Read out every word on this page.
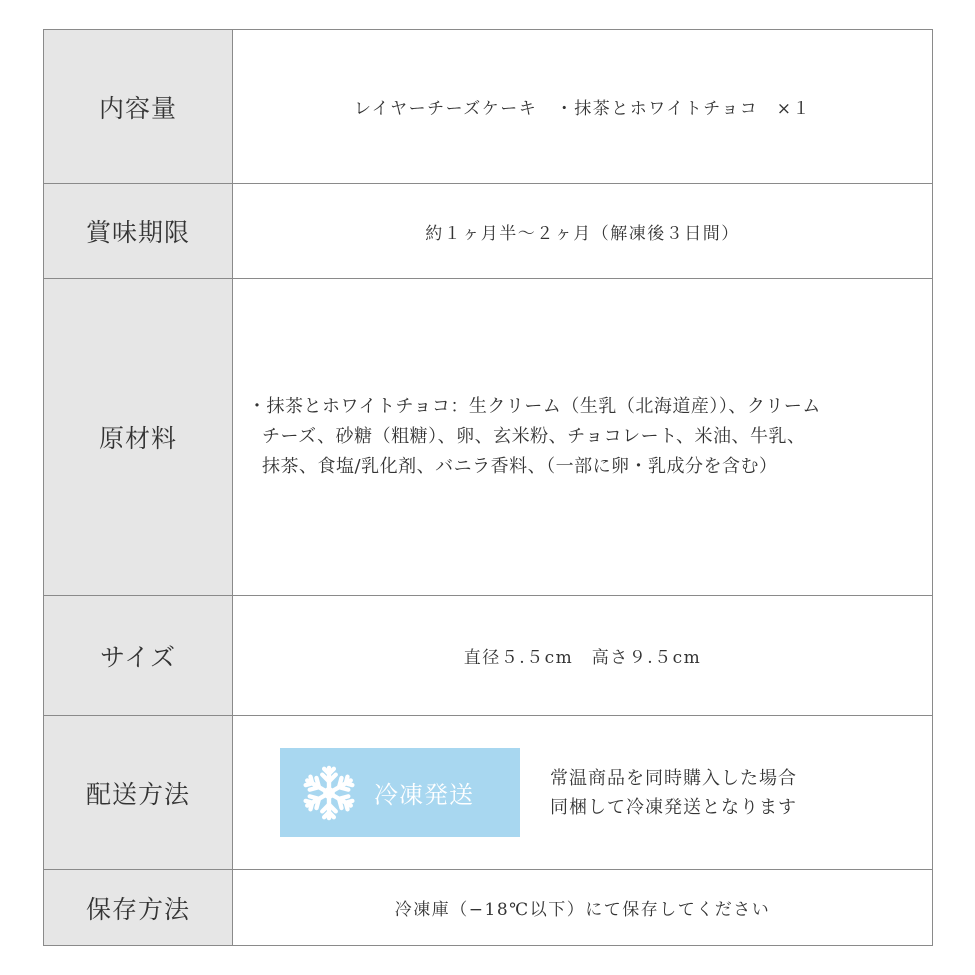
内容量	レイヤーチーズケーキ　・抹茶とホワイトチョコ　×１
賞味期限	約１ヶ月半〜２ヶ月（解凍後３日間）
原材料	・抹茶とホワイトチョコ：生クリーム（生乳（北海道産））、クリーム
チーズ、砂糖（粗糖）、卵、玄米粉、チョコレート、米油、牛乳、
抹茶、食塩/乳化剤、バニラ香料、（一部に卵・乳成分を含む）

サイズ	直径５.５cm　高さ９.５cm
配送方法	冷凍発送
常温商品を同時購入した場合
同梱して冷凍発送となります

保存方法	冷凍庫（−18℃以下）にて保存してください
